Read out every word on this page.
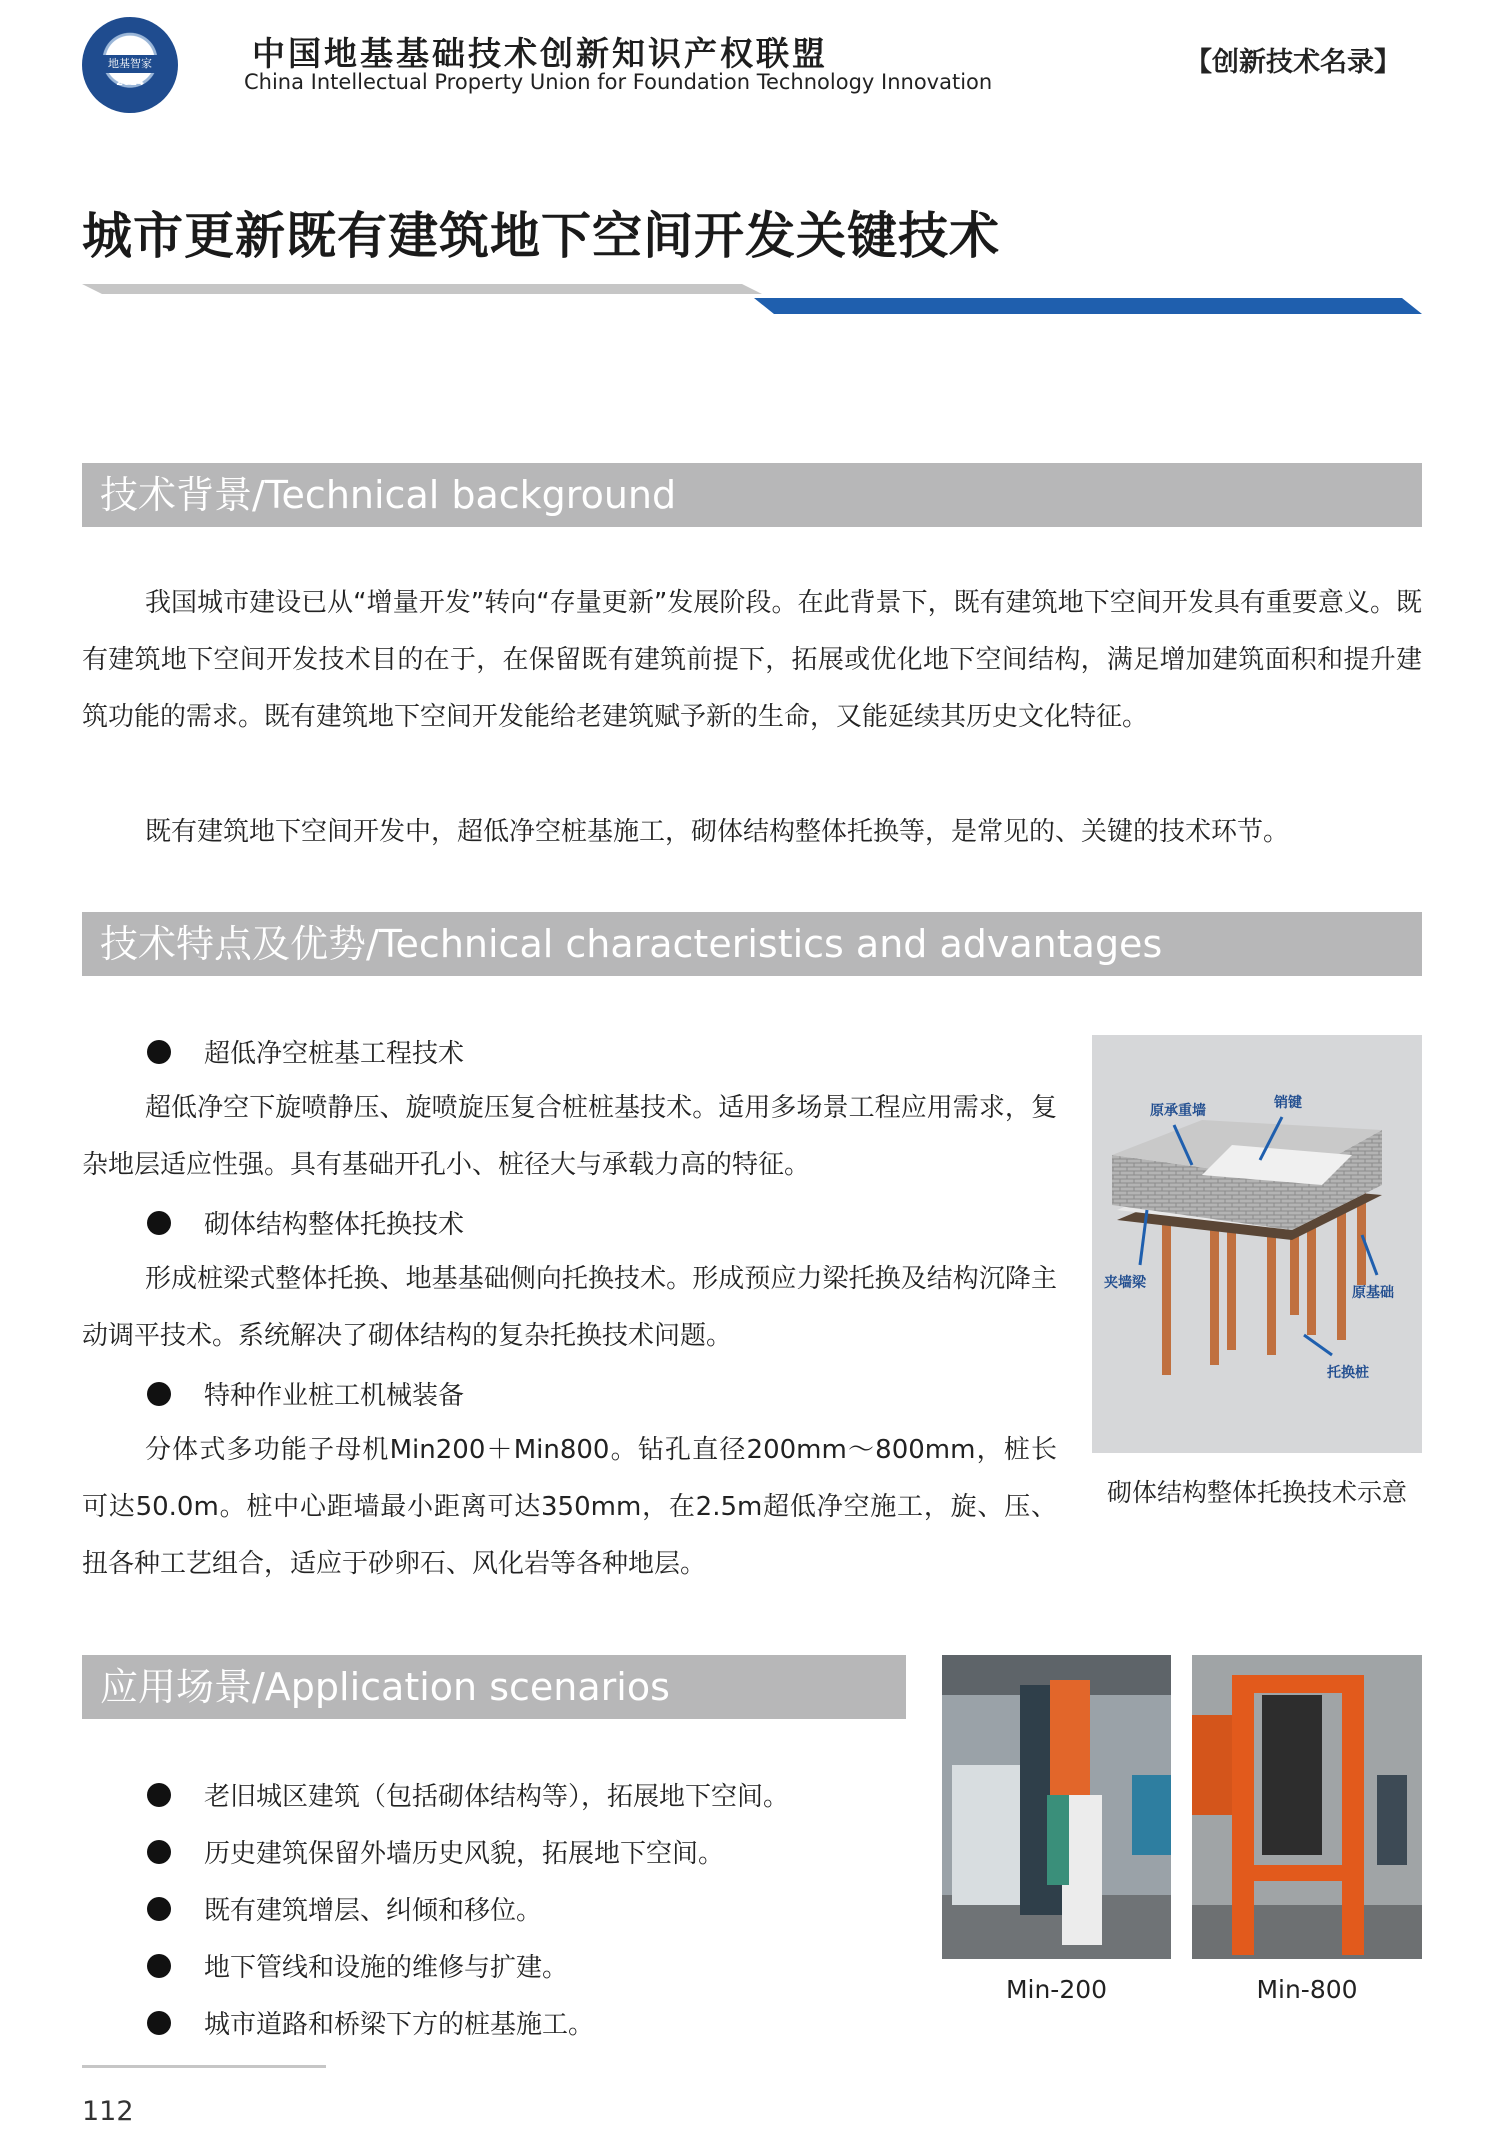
地基智家
2014
中国地基基础技术创新知识产权联盟
China Intellectual Property Union for Foundation Technology Innovation
【创新技术名录】
城市更新既有建筑地下空间开发关键技术
技术背景/Technical background
我国城市建设已从“增量开发”转向“存量更新”发展阶段。在此背景下，既有建筑地下空间开发具有重要意义。既有建筑地下空间开发技术目的在于，在保留既有建筑前提下，拓展或优化地下空间结构，满足增加建筑面积和提升建筑功能的需求。既有建筑地下空间开发能给老建筑赋予新的生命，又能延续其历史文化特征。
既有建筑地下空间开发中，超低净空桩基施工，砌体结构整体托换等，是常见的、关键的技术环节。
技术特点及优势/Technical characteristics and advantages
超低净空桩基工程技术
超低净空下旋喷静压、旋喷旋压复合桩桩基技术。适用多场景工程应用需求，复杂地层适应性强。具有基础开孔小、桩径大与承载力高的特征。
砌体结构整体托换技术
形成桩梁式整体托换、地基基础侧向托换技术。形成预应力梁托换及结构沉降主动调平技术。系统解决了砌体结构的复杂托换技术问题。
特种作业桩工机械装备
分体式多功能子母机Min200＋Min800。钻孔直径200mm～800mm，桩长可达50.0m。桩中心距墙最小距离可达350mm，在2.5m超低净空施工，旋、压、扭各种工艺组合，适应于砂卵石、风化岩等各种地层。
原承重墙	销键
夹墙梁
原基础
托换桩
砌体结构整体托换技术示意
应用场景/Application scenarios
老旧城区建筑（包括砌体结构等），拓展地下空间。
历史建筑保留外墙历史风貌，拓展地下空间。
既有建筑增层、纠倾和移位。
地下管线和设施的维修与扩建。
城市道路和桥梁下方的桩基施工。
Min-200	Min-800
112
